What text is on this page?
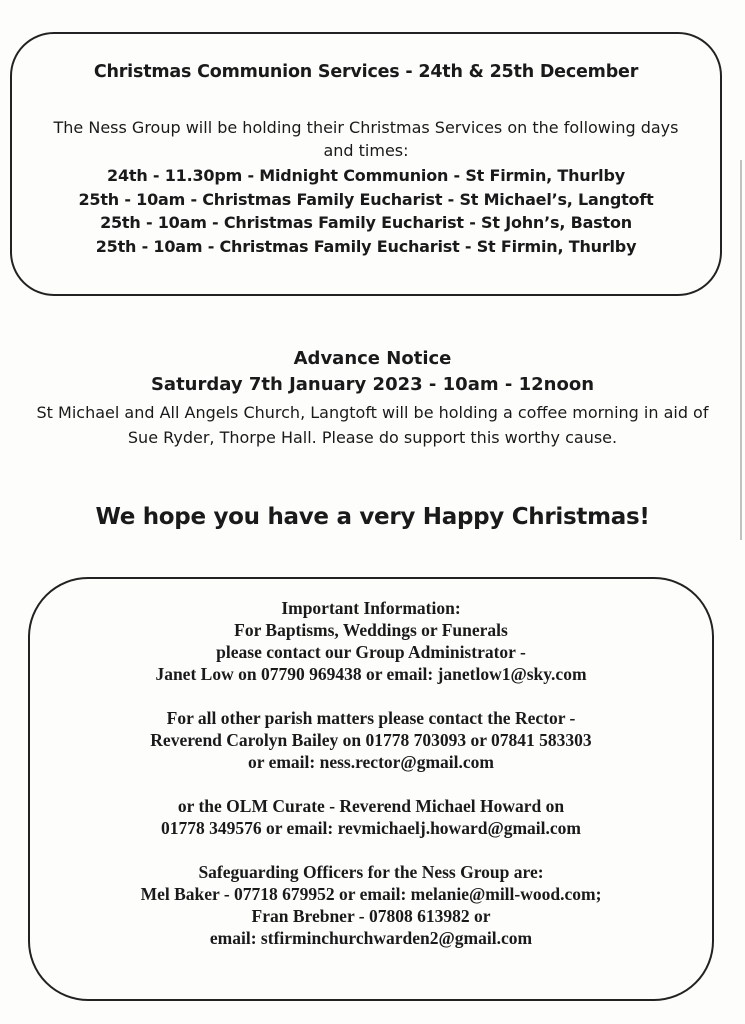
Christmas Communion Services - 24th & 25th December
The Ness Group will be holding their Christmas Services on the following days and times:
24th - 11.30pm - Midnight Communion - St Firmin, Thurlby
25th - 10am - Christmas Family Eucharist - St Michael’s, Langtoft
25th - 10am - Christmas Family Eucharist - St John’s, Baston
25th - 10am - Christmas Family Eucharist - St Firmin, Thurlby
Advance Notice
Saturday 7th January 2023 - 10am - 12noon
St Michael and All Angels Church, Langtoft will be holding a coffee morning in aid of Sue Ryder, Thorpe Hall. Please do support this worthy cause.
We hope you have a very Happy Christmas!
Important Information:
For Baptisms, Weddings or Funerals
please contact our Group Administrator -
Janet Low on 07790 969438 or email: janetlow1@sky.com
For all other parish matters please contact the Rector -
Reverend Carolyn Bailey on 01778 703093 or 07841 583303
or email: ness.rector@gmail.com
or the OLM Curate - Reverend Michael Howard on
01778 349576 or email: revmichaelj.howard@gmail.com
Safeguarding Officers for the Ness Group are:
Mel Baker - 07718 679952 or email: melanie@mill-wood.com;
Fran Brebner - 07808 613982 or
email: stfirminchurchwarden2@gmail.com
